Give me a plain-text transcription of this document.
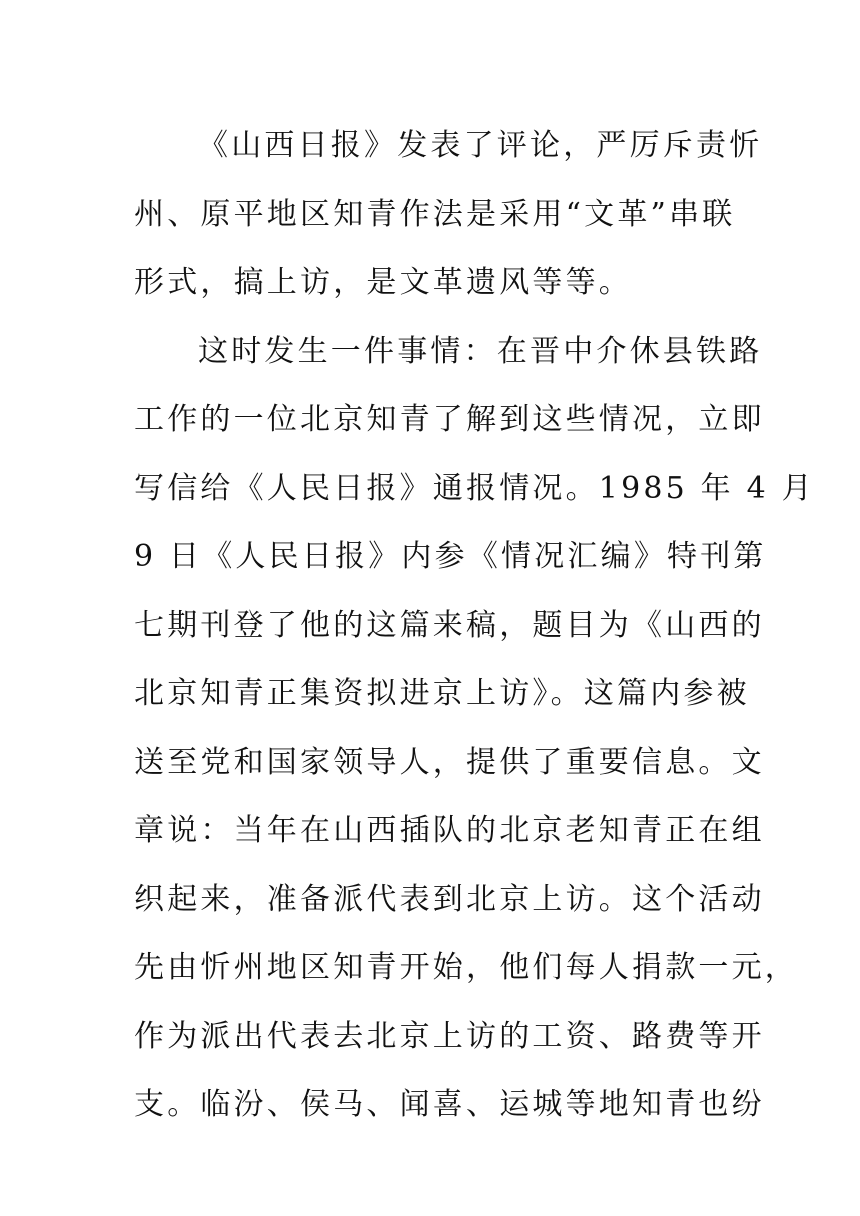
《山西日报》发表了评论，严厉斥责忻
州、原平地区知青作法是采用“文革”串联
形式，搞上访，是文革遗风等等。
这时发生一件事情：在晋中介休县铁路
工作的一位北京知青了解到这些情况，立即
写信给《人民日报》通报情况。1985 年 4 月
9 日《人民日报》内参《情况汇编》特刊第
七期刊登了他的这篇来稿，题目为《山西的
北京知青正集资拟进京上访》。这篇内参被
送至党和国家领导人，提供了重要信息。文
章说：当年在山西插队的北京老知青正在组
织起来，准备派代表到北京上访。这个活动
先由忻州地区知青开始，他们每人捐款一元，
作为派出代表去北京上访的工资、路费等开
支。临汾、侯马、闻喜、运城等地知青也纷
